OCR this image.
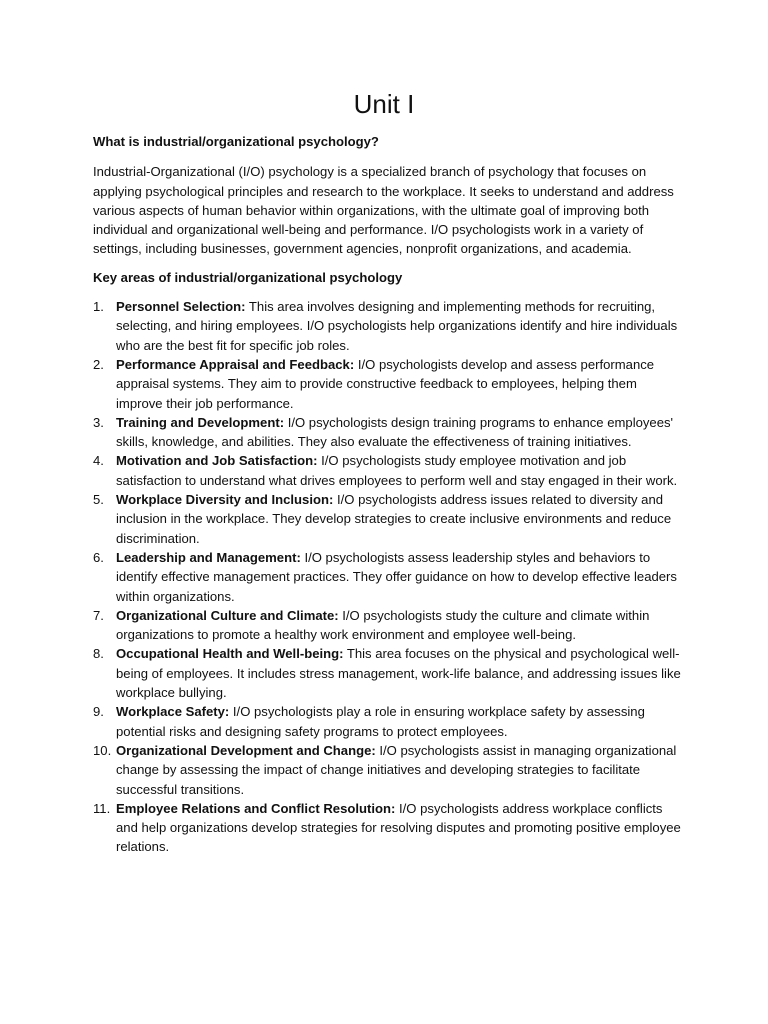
Unit I

What is industrial/organizational psychology?

Industrial-Organizational (I/O) psychology is a specialized branch of psychology that focuses on applying psychological principles and research to the workplace. It seeks to understand and address various aspects of human behavior within organizations, with the ultimate goal of improving both individual and organizational well-being and performance. I/O psychologists work in a variety of settings, including businesses, government agencies, nonprofit organizations, and academia.

Key areas of industrial/organizational psychology

1. Personnel Selection: This area involves designing and implementing methods for recruiting, selecting, and hiring employees. I/O psychologists help organizations identify and hire individuals who are the best fit for specific job roles.
2. Performance Appraisal and Feedback: I/O psychologists develop and assess performance appraisal systems. They aim to provide constructive feedback to employees, helping them improve their job performance.
3. Training and Development: I/O psychologists design training programs to enhance employees' skills, knowledge, and abilities. They also evaluate the effectiveness of training initiatives.
4. Motivation and Job Satisfaction: I/O psychologists study employee motivation and job satisfaction to understand what drives employees to perform well and stay engaged in their work.
5. Workplace Diversity and Inclusion: I/O psychologists address issues related to diversity and inclusion in the workplace. They develop strategies to create inclusive environments and reduce discrimination.
6. Leadership and Management: I/O psychologists assess leadership styles and behaviors to identify effective management practices. They offer guidance on how to develop effective leaders within organizations.
7. Organizational Culture and Climate: I/O psychologists study the culture and climate within organizations to promote a healthy work environment and employee well-being.
8. Occupational Health and Well-being: This area focuses on the physical and psychological well-being of employees. It includes stress management, work-life balance, and addressing issues like workplace bullying.
9. Workplace Safety: I/O psychologists play a role in ensuring workplace safety by assessing potential risks and designing safety programs to protect employees.
10. Organizational Development and Change: I/O psychologists assist in managing organizational change by assessing the impact of change initiatives and developing strategies to facilitate successful transitions.
11. Employee Relations and Conflict Resolution: I/O psychologists address workplace conflicts and help organizations develop strategies for resolving disputes and promoting positive employee relations.
